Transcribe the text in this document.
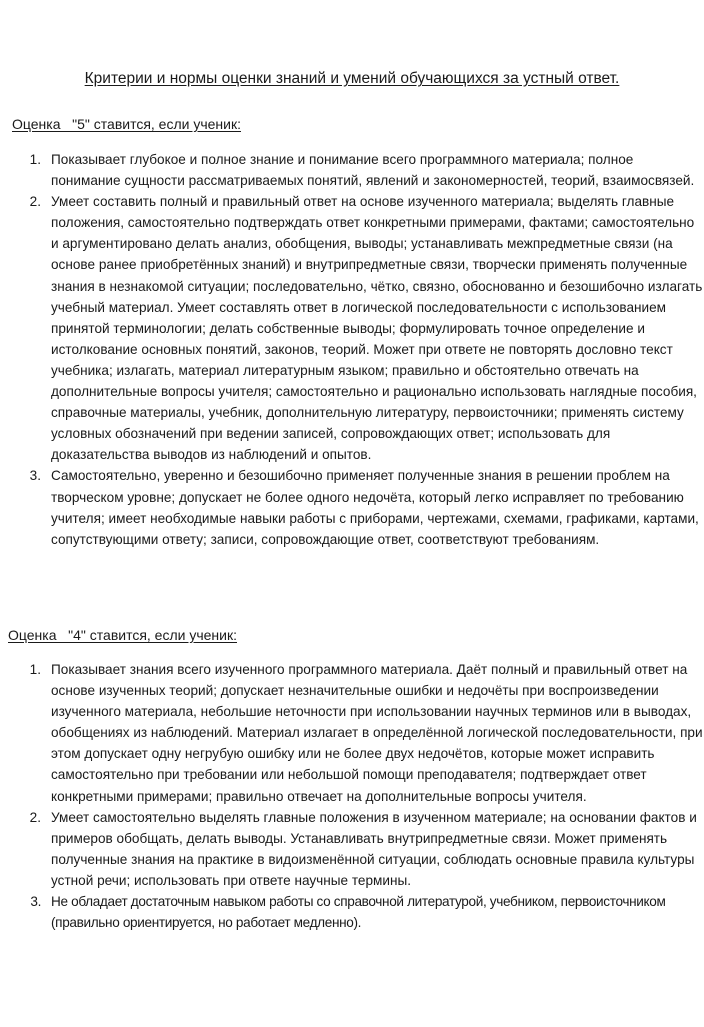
Критерии и нормы оценки знаний и умений обучающихся за устный ответ.
Оценка   "5" ставится, если ученик:
1. Показывает глубокое и полное знание и понимание всего программного материала; полное понимание сущности рассматриваемых понятий, явлений и закономерностей, теорий, взаимосвязей.
2. Умеет составить полный и правильный ответ на основе изученного материала; выделять главные положения, самостоятельно подтверждать ответ конкретными примерами, фактами; самостоятельно и аргументировано делать анализ, обобщения, выводы; устанавливать межпредметные связи (на основе ранее приобретённых знаний) и внутрипредметные связи, творчески применять полученные знания в незнакомой ситуации; последовательно, чётко, связно, обоснованно и безошибочно излагать учебный материал. Умеет составлять ответ в логической последовательности с использованием принятой терминологии; делать собственные выводы; формулировать точное определение и истолкование основных понятий, законов, теорий. Может при ответе не повторять дословно текст учебника; излагать, материал литературным языком; правильно и обстоятельно отвечать на дополнительные вопросы учителя; самостоятельно и рационально использовать наглядные пособия, справочные материалы, учебник, дополнительную литературу, первоисточники; применять систему условных обозначений при ведении записей, сопровождающих ответ; использовать для доказательства выводов из наблюдений и опытов.
3. Самостоятельно, уверенно и безошибочно применяет полученные знания в решении проблем на творческом уровне; допускает не более одного недочёта, который легко исправляет по требованию учителя; имеет необходимые навыки работы с приборами, чертежами, схемами, графиками, картами, сопутствующими ответу; записи, сопровождающие ответ, соответствуют требованиям.
Оценка   "4" ставится, если ученик:
1. Показывает знания всего изученного программного материала. Даёт полный и правильный ответ на основе изученных теорий; допускает незначительные ошибки и недочёты при воспроизведении изученного материала, небольшие неточности при использовании научных терминов или в выводах, обобщениях из наблюдений. Материал излагает в определённой логической последовательности, при этом допускает одну негрубую ошибку или не более двух недочётов, которые может исправить самостоятельно при требовании или небольшой помощи преподавателя; подтверждает ответ конкретными примерами; правильно отвечает на дополнительные вопросы учителя.
2. Умеет самостоятельно выделять главные положения в изученном материале; на основании фактов и примеров обобщать, делать выводы. Устанавливать внутрипредметные связи. Может применять полученные знания на практике в видоизменённой ситуации, соблюдать основные правила культуры устной речи; использовать при ответе научные термины.
3. Не обладает достаточным навыком работы со справочной литературой, учебником, первоисточником (правильно ориентируется, но работает медленно).
